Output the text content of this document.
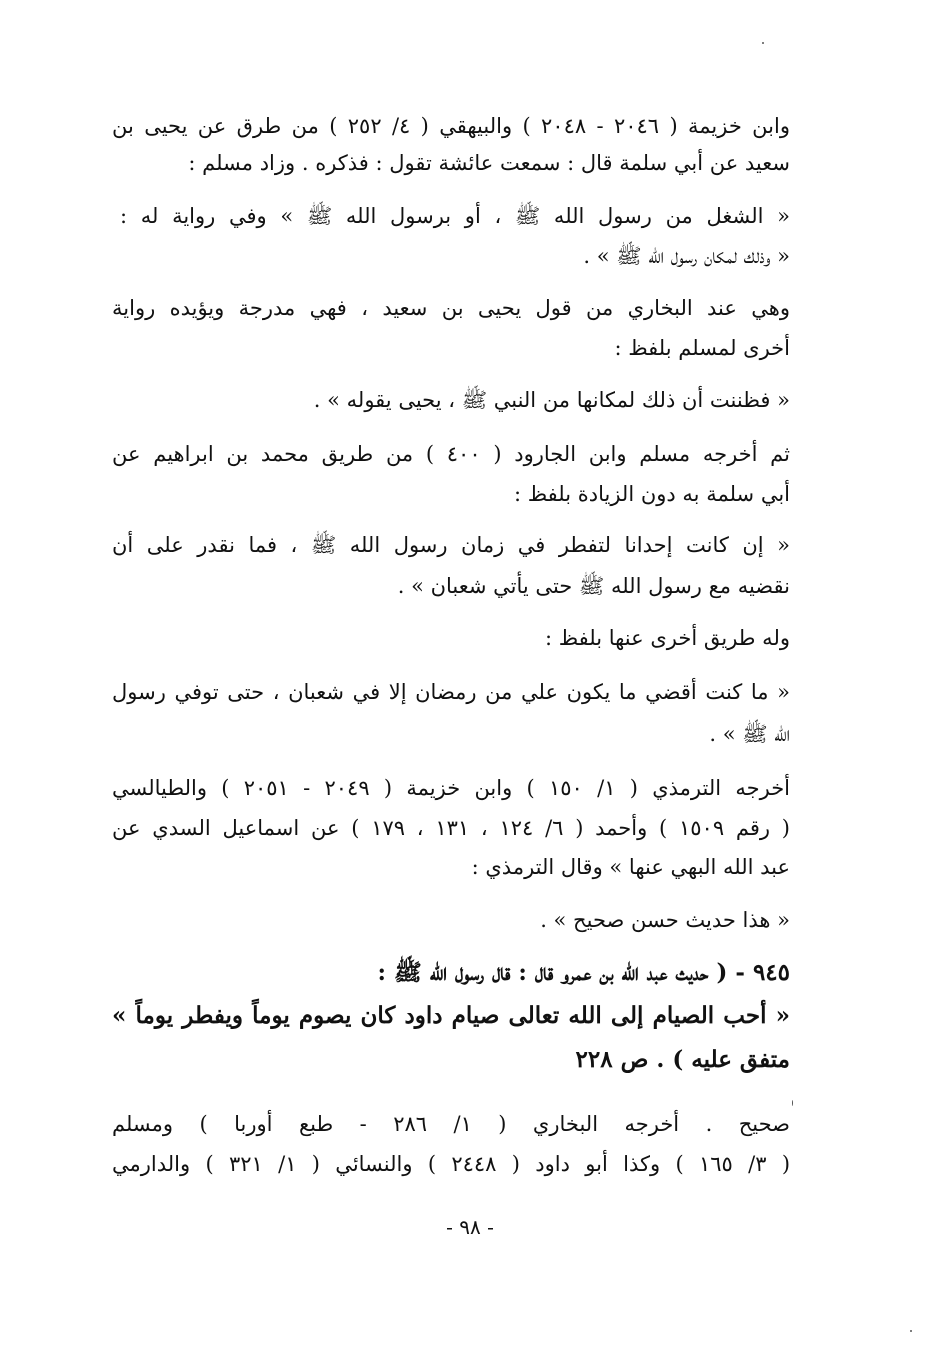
وابن خزيمة ( ٢٠٤٦ - ٢٠٤٨ ) والبيهقي ( ٤/ ٢٥٢ ) من طرق عن يحيى بن
سعيد عن أبي سلمة قال : سمعت عائشة تقول : فذكره . وزاد مسلم :
« الشغل من رسول الله ﷺ ، أو برسول الله ﷺ » وفي رواية له :
« وذلك لمكان رسول الله ﷺ » .
وهي عند البخاري من قول يحيى بن سعيد ، فهي مدرجة ويؤيده رواية
أخرى لمسلم بلفظ :
« فظننت أن ذلك لمكانها من النبي ﷺ ، يحيى يقوله » .
ثم أخرجه مسلم وابن الجارود ( ٤٠٠ ) من طريق محمد بن ابراهيم عن
أبي سلمة به دون الزيادة بلفظ :
« إن كانت إحدانا لتفطر في زمان رسول الله ﷺ ، فما نقدر على أن
نقضيه مع رسول الله ﷺ حتى يأتي شعبان » .
وله طريق أخرى عنها بلفظ :
« ما كنت أقضي ما يكون علي من رمضان إلا في شعبان ، حتى توفي رسول
الله ﷺ » .
أخرجه الترمذي ( ١/ ١٥٠ ) وابن خزيمة ( ٢٠٤٩ - ٢٠٥١ ) والطيالسي
( رقم ١٥٠٩ ) وأحمد ( ٦/ ١٢٤ ، ١٣١ ، ١٧٩ ) عن اسماعيل السدي عن
عبد الله البهي عنها » وقال الترمذي :
« هذا حديث حسن صحيح » .
٩٤٥ - ( حديث عبد الله بن عمرو قال : قال رسول الله ﷺ :
« أحب الصيام إلى الله تعالى صيام داود كان يصوم يوماً ويفطر يوماً »
متفق عليه ) . ص ٢٢٨
صحيح . أخرجه البخاري ( ١/ ٢٨٦ - طبع أوربا ) ومسلم
( ٣/ ١٦٥ ) وكذا أبو داود ( ٢٤٤٨ ) والنسائي ( ١/ ٣٢١ ) والدارمي
- ٩٨ -
